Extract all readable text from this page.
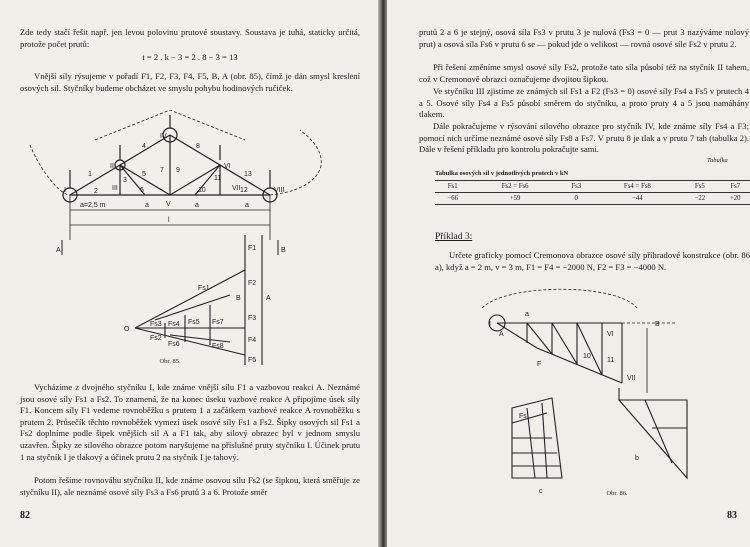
Zde tedy stačí řešit např. jen levou polovinu prutové soustavy. Soustava je tuhá, staticky určitá, protože počet prutů:
t = 2 . k − 3 = 2 . 8 − 3 = 13
Vnější síly rýsujeme v pořadí F1, F2, F3, F4, F5, B, A (obr. 85), čímž je dán smysl kreslení osových sil. Styčníky budeme obcházet ve smyslu pohybu hodinových ručiček.
I
II
III
IV
V
VI
VII	VIII
1
2
3
4
5
6
7
8
9
10
11
12
13
a=2,5 m	a	a	a
l
A	B
F1
F2
F3
F4
F5
Fs1
Fs2
Fs3 Fs4 Fs5
Fs6
Fs7
Fs8
A
B
O
Obr. 85.
Vycházíme z dvojného styčníku I, kde známe vnější sílu F1 a vazbovou reakci A. Neznámé jsou osové síly Fs1 a Fs2. To znamená, že na konec úseku vazbové reakce A připojíme úsek síly F1. Koncem síly F1 vedeme rovnoběžku s prutem 1 a začátkem vazbové reakce A rovnoběžku s prutem 2. Průsečík těchto rovnoběžek vymezí úsek osové síly Fs1 a Fs2. Šipky osových sil Fs1 a Fs2 doplníme podle šipek vnějších sil A a F1 tak, aby silový obrazec byl v jednom smyslu uzavřen. Šipky ze silového obrazce potom naryšujeme na příslušné pruty styčníku I. Účinek prutu 1 na styčník I je tlakový a účinek prutu 2 na styčník I je tahový.
Potom řešíme rovnováhu styčníku II, kde známe osovou sílu Fs2 (se šipkou, která směřuje ze styčníku II), ale neznámé osové síly Fs3 a Fs6 prutů 3 a 6. Protože směr
82
prutů 2 a 6 je stejný, osová síla Fs3 v prutu 3 je nulová (Fs3 = 0 — prut 3 nazýváme nulový prut) a osová síla Fs6 v prutu 6 se — pokud jde o velikost — rovná osové síle Fs2 v prutu 2.
Při řešení změníme smysl osové síly Fs2, protože tato síla působí též na styčník II tahem, což v Cremonově obrazci označujeme dvojitou šipkou.
Ve styčníku III zjistíme ze známých sil Fs1 a F2 (Fs3 = 0) osové síly Fs4 a Fs5 v prutech 4 a 5. Osové síly Fs4 a Fs5 působí směrem do styčníku, a proto pruty 4 a 5 jsou namáhány tlakem.
Dále pokračujeme v rýsování silového obrazce pro styčník IV, kde známe síly Fs4 a F3; pomocí nich určíme neznámé osové síly Fs8 a Fs7. V prutu 8 je tlak a v prutu 7 tah (tabulka 2). Dále v řešení příkladu pro kontrolu pokračujte sami.
Tabulka
Tabulka osových sil v jednotlivých prutech v kN
Fs1	Fs2 = Fs6	Fs3	Fs4 = Fs8	Fs5	Fs7
−66	+59	0	−44	−22	+20
Příklad 3:
Určete graficky pomocí Cremonova obrazce osové síly příhradové konstrukce (obr. 86 a), když a = 2 m, v = 3 m, F1 = F4 = −2000 N, F2 = F3 = −4000 N.
a
b
c
A
B
F
I
VI
VII
10
11
Fs
Obr. 86.
83
